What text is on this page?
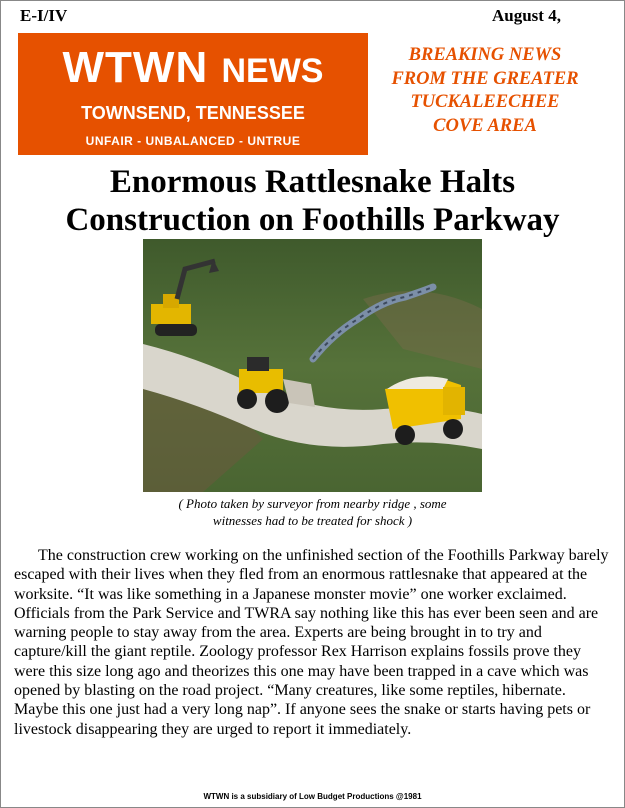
E-I/IV	August 4,
WTWN NEWS
TOWNSEND, TENNESSEE
UNFAIR - UNBALANCED - UNTRUE
BREAKING NEWS
FROM THE GREATER
TUCKALEECHEE
COVE AREA
Enormous Rattlesnake Halts
Construction on Foothills Parkway
( Photo taken by surveyor from nearby ridge , some
witnesses had to be treated for shock )
The construction crew working on the unfinished section of the Foothills Parkway barely escaped with their lives when they fled from an enormous rattlesnake that appeared at the worksite. “It was like something in a Japanese monster movie” one worker exclaimed. Officials from the Park Service and TWRA say nothing like this has ever been seen and are warning people to stay away from the area. Experts are being brought in to try and capture/kill the giant reptile. Zoology professor Rex Harrison explains fossils prove they were this size long ago and theorizes this one may have been trapped in a cave which was opened by blasting on the road project. “Many creatures, like some reptiles, hibernate. Maybe this one just had a very long nap”. If anyone sees the snake or starts having pets or livestock disappearing they are urged to report it immediately.
WTWN is a subsidiary of Low Budget Productions @1981
